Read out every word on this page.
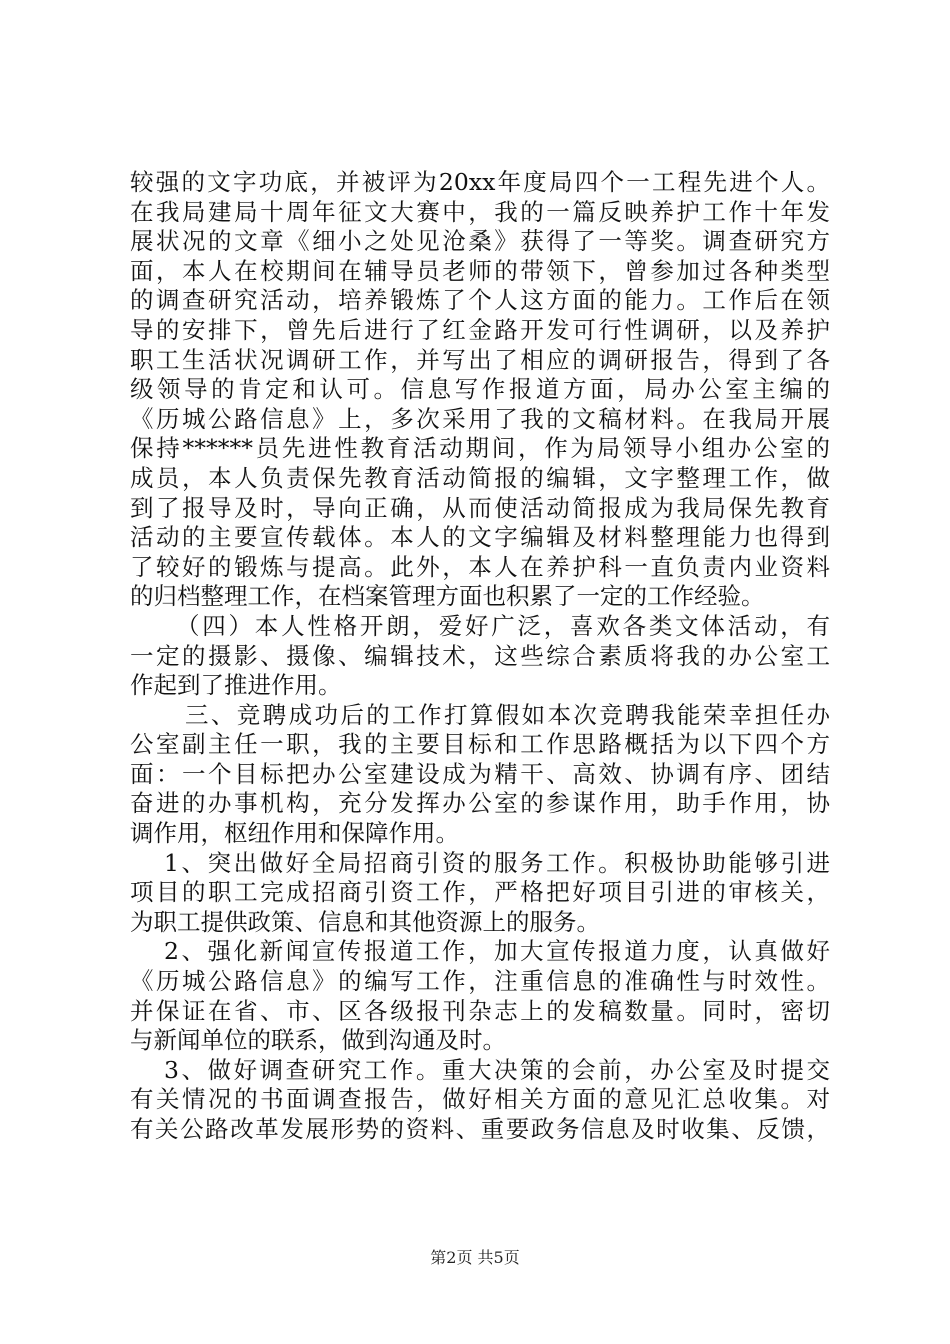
较强的文字功底，并被评为20xx年度局四个一工程先进个人。
在我局建局十周年征文大赛中，我的一篇反映养护工作十年发
展状况的文章《细小之处见沧桑》获得了一等奖。调查研究方
面，本人在校期间在辅导员老师的带领下，曾参加过各种类型
的调查研究活动，培养锻炼了个人这方面的能力。工作后在领
导的安排下，曾先后进行了红金路开发可行性调研，以及养护
职工生活状况调研工作，并写出了相应的调研报告，得到了各
级领导的肯定和认可。信息写作报道方面，局办公室主编的
《历城公路信息》上，多次采用了我的文稿材料。在我局开展
保持******员先进性教育活动期间，作为局领导小组办公室的
成员，本人负责保先教育活动简报的编辑，文字整理工作，做
到了报导及时，导向正确，从而使活动简报成为我局保先教育
活动的主要宣传载体。本人的文字编辑及材料整理能力也得到
了较好的锻炼与提高。此外，本人在养护科一直负责内业资料
的归档整理工作，在档案管理方面也积累了一定的工作经验。
（四）本人性格开朗，爱好广泛，喜欢各类文体活动，有
一定的摄影、摄像、编辑技术，这些综合素质将我的办公室工
作起到了推进作用。
三、竞聘成功后的工作打算假如本次竞聘我能荣幸担任办
公室副主任一职，我的主要目标和工作思路概括为以下四个方
面：一个目标把办公室建设成为精干、高效、协调有序、团结
奋进的办事机构，充分发挥办公室的参谋作用，助手作用，协
调作用，枢纽作用和保障作用。
1、突出做好全局招商引资的服务工作。积极协助能够引进
项目的职工完成招商引资工作，严格把好项目引进的审核关，
为职工提供政策、信息和其他资源上的服务。
2、强化新闻宣传报道工作，加大宣传报道力度，认真做好
《历城公路信息》的编写工作，注重信息的准确性与时效性。
并保证在省、市、区各级报刊杂志上的发稿数量。同时，密切
与新闻单位的联系，做到沟通及时。
3、做好调查研究工作。重大决策的会前，办公室及时提交
有关情况的书面调查报告，做好相关方面的意见汇总收集。对
有关公路改革发展形势的资料、重要政务信息及时收集、反馈，
第2页 共5页
